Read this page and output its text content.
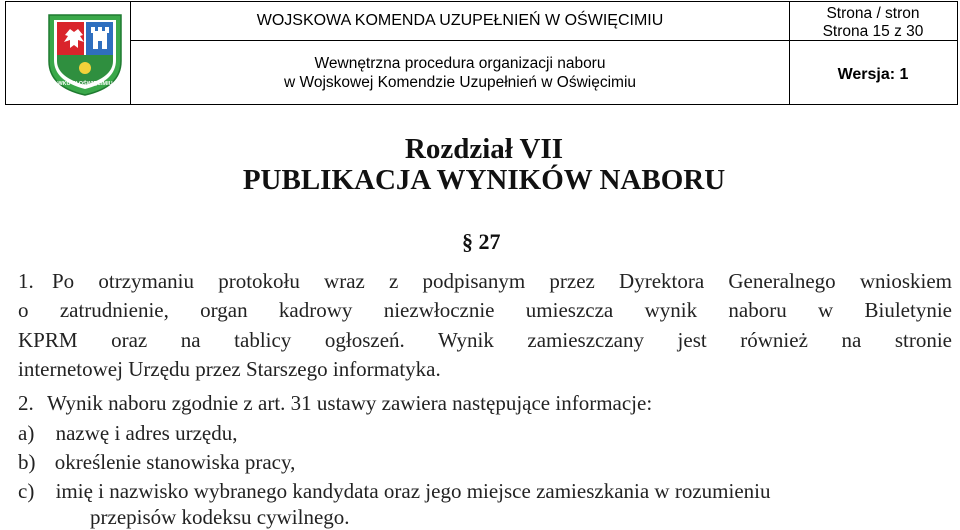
WOJSKOWA KOMENDA UZUPEŁNIEŃ W OŚWIĘCIMIU
Wewnętrzna procedura organizacji naboru
w Wojskowej Komendzie Uzupełnień w Oświęcimiu
Strona / stron
Strona 15 z 30
Wersja: 1
WKU W OŚWIĘCIMIU
Rozdział VII
PUBLIKACJA WYNIKÓW NABORU
§ 27
1. Po otrzymaniu protokołu wraz z podpisanym przez Dyrektora Generalnego wnioskiem
o zatrudnienie, organ kadrowy niezwłocznie umieszcza wynik naboru w Biuletynie
KPRM oraz na tablicy ogłoszeń. Wynik zamieszczany jest również na stronie
internetowej Urzędu przez Starszego informatyka.
2. Wynik naboru zgodnie z art. 31 ustawy zawiera następujące informacje:
a) nazwę i adres urzędu,
b) określenie stanowiska pracy,
c) imię i nazwisko wybranego kandydata oraz jego miejsce zamieszkania w rozumieniu
przepisów kodeksu cywilnego.
